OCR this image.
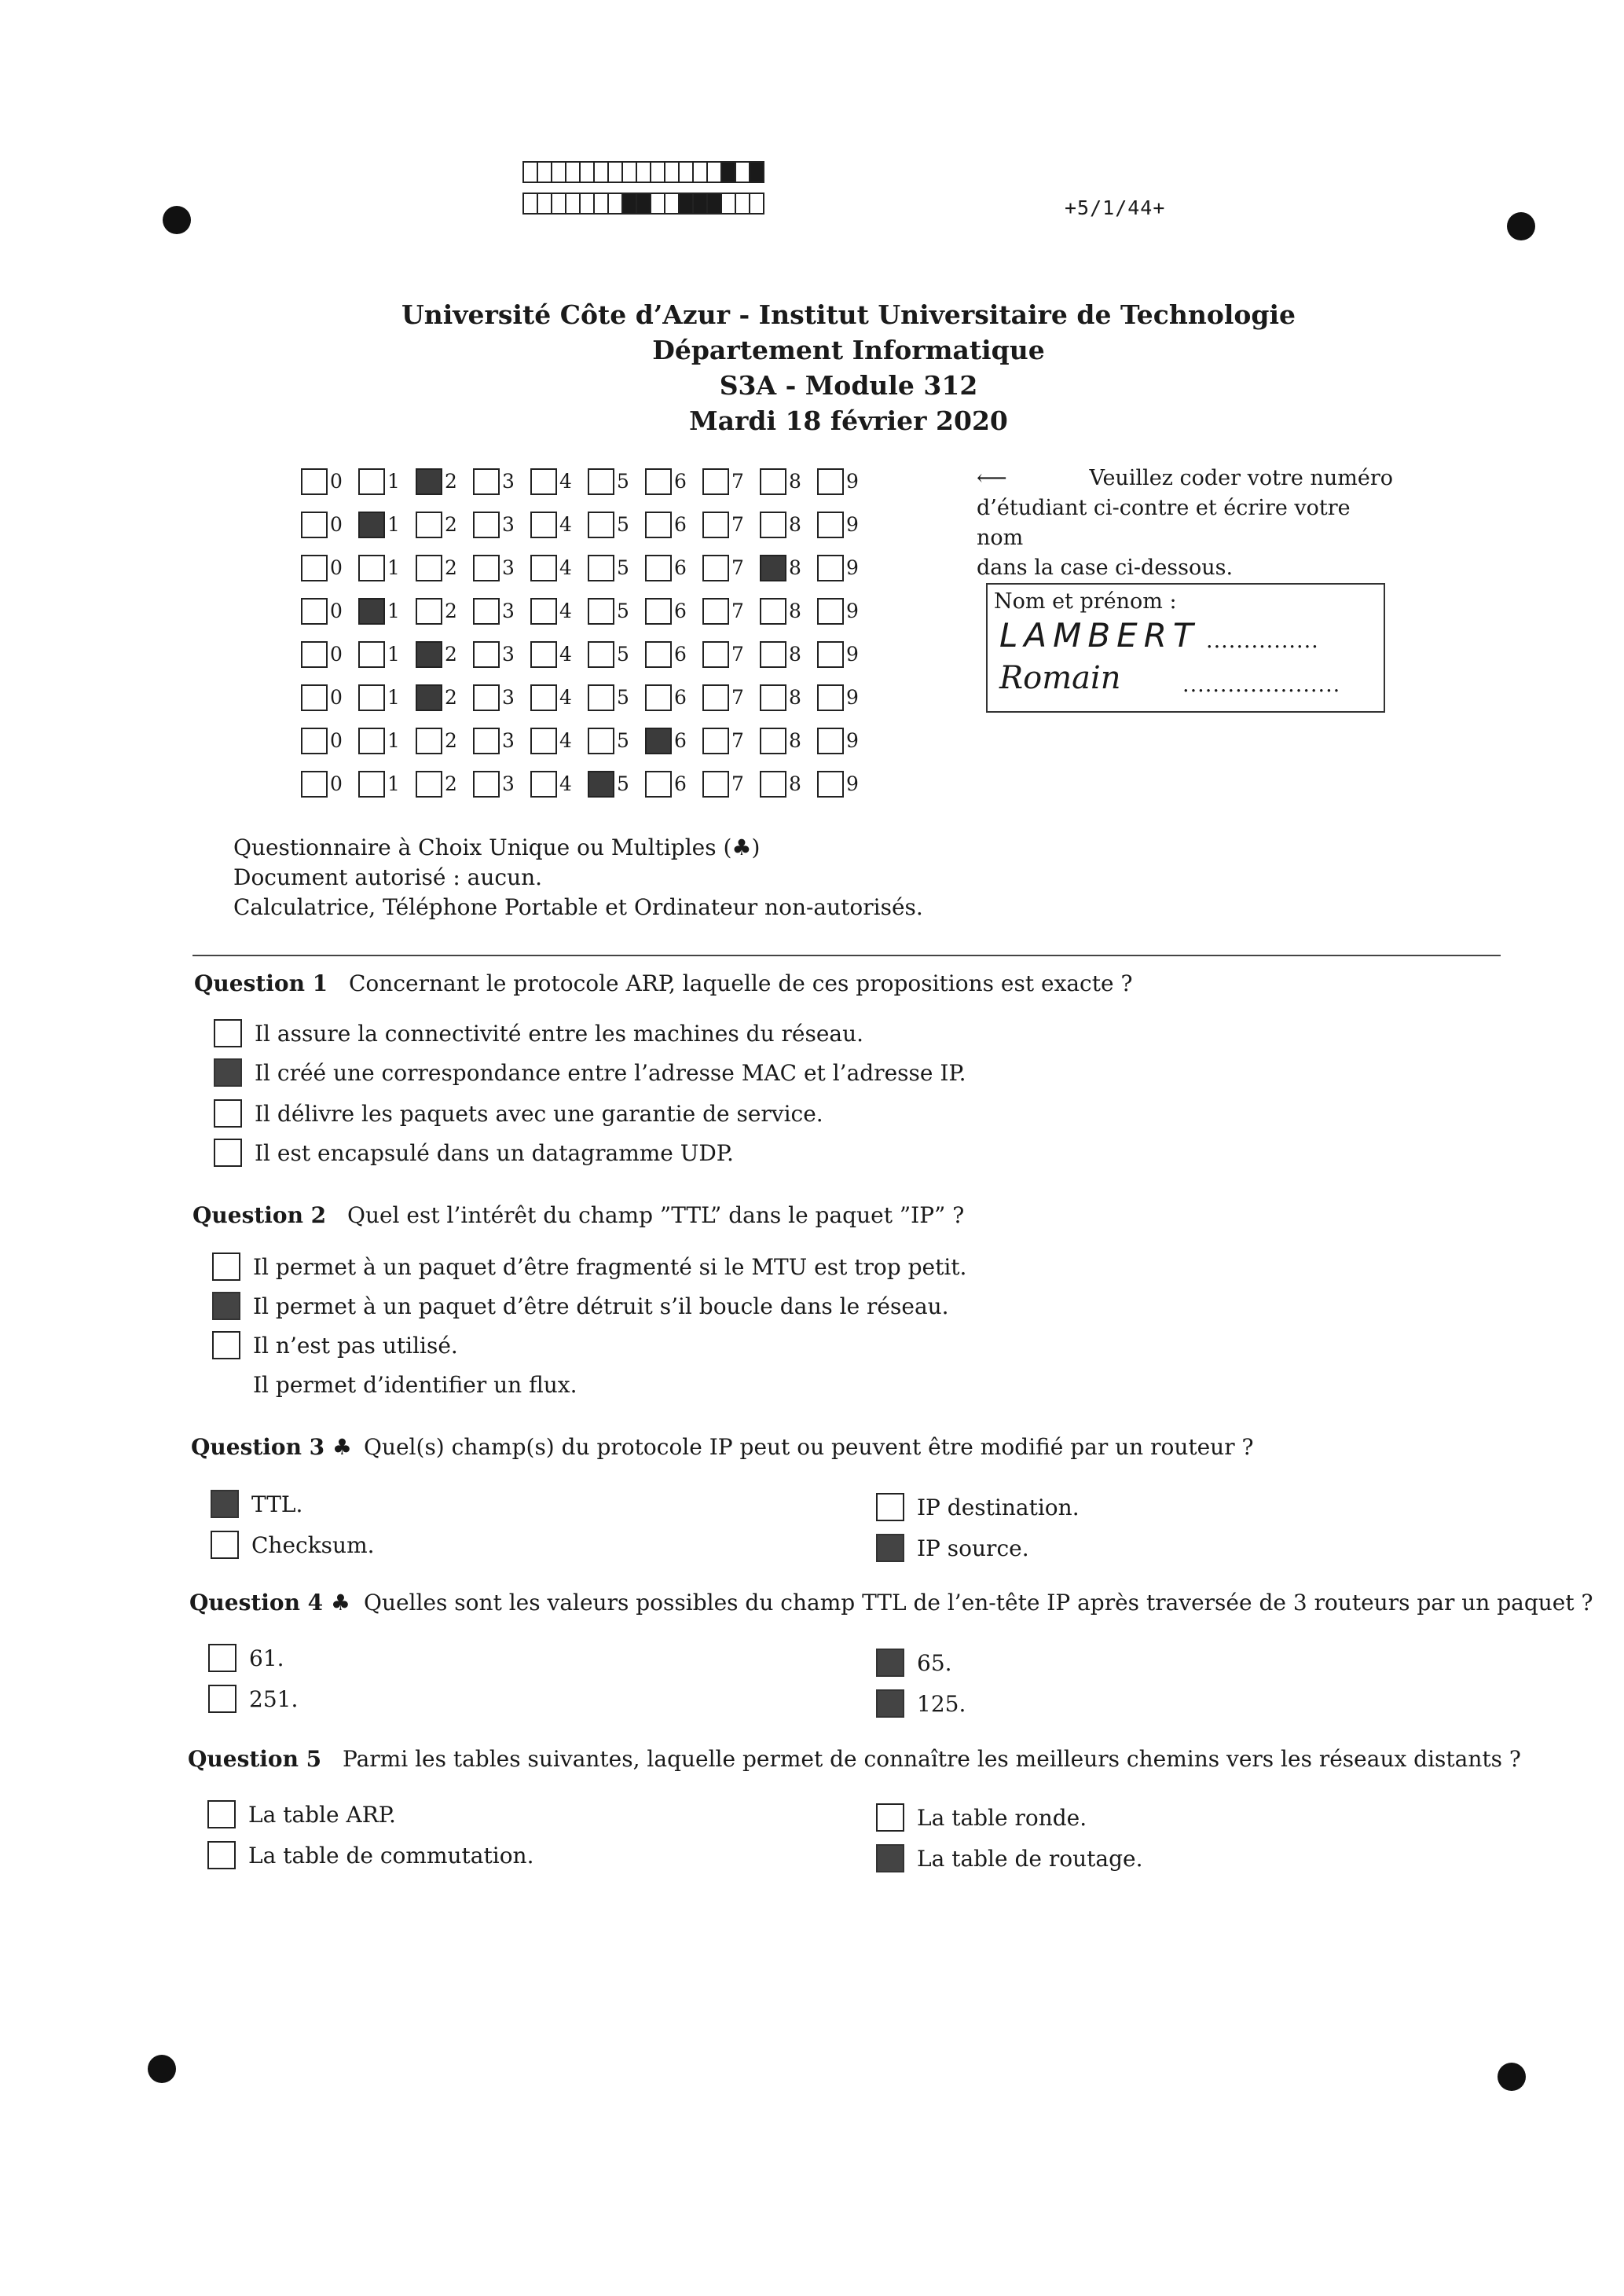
+5/1/44+
Université Côte d’Azur - Institut Universitaire de Technologie
Département Informatique
S3A - Module 312
Mardi 18 février 2020
0 1 2 3 4 5 6 7 8 9
0 1 2 3 4 5 6 7 8 9
0 1 2 3 4 5 6 7 8 9
0 1 2 3 4 5 6 7 8 9
0 1 2 3 4 5 6 7 8 9
0 1 2 3 4 5 6 7 8 9
0 1 2 3 4 5 6 7 8 9
0 1 2 3 4 5 6 7 8 9
⟵	Veuillez coder votre numéro
d’étudiant ci-contre et écrire votre nom
dans la case ci-dessous.
Nom et prénom :
LAMBERT ...............
Romain	.....................
Questionnaire à Choix Unique ou Multiples (♣)
Document autorisé : aucun.
Calculatrice, Téléphone Portable et Ordinateur non-autorisés.
Question 1 Concernant le protocole ARP, laquelle de ces propositions est exacte ?
Il assure la connectivité entre les machines du réseau.
Il créé une correspondance entre l’adresse MAC et l’adresse IP.
Il délivre les paquets avec une garantie de service.
Il est encapsulé dans un datagramme UDP.
Question 2 Quel est l’intérêt du champ ”TTL” dans le paquet ”IP” ?
Il permet à un paquet d’être fragmenté si le MTU est trop petit.
Il permet à un paquet d’être détruit s’il boucle dans le réseau.
Il n’est pas utilisé.
Il permet d’identifier un flux.
Question 3 ♣ Quel(s) champ(s) du protocole IP peut ou peuvent être modifié par un routeur ?
TTL.
Checksum.
IP destination.
IP source.
Question 4 ♣ Quelles sont les valeurs possibles du champ TTL de l’en-tête IP après traversée de 3 routeurs par un paquet ?
61.
251.
65.
125.
Question 5 Parmi les tables suivantes, laquelle permet de connaître les meilleurs chemins vers les réseaux distants ?
La table ARP.
La table de commutation.
La table ronde.
La table de routage.
